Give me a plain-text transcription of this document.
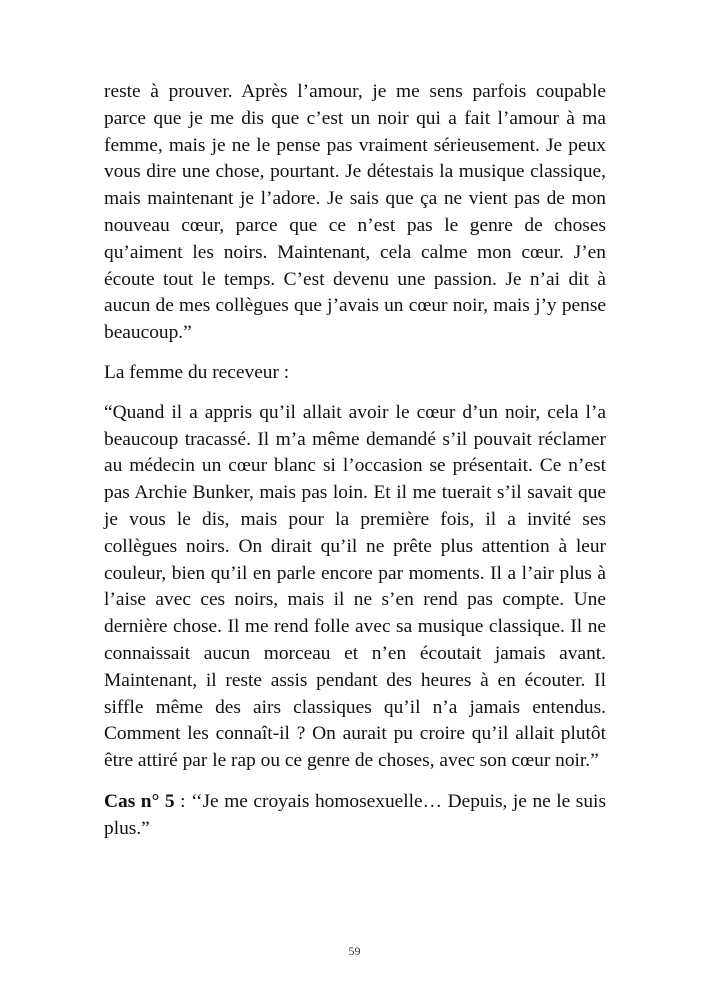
reste à prouver. Après l’amour, je me sens parfois coupable parce que je me dis que c’est un noir qui a fait l’amour à ma femme, mais je ne le pense pas vraiment sérieusement. Je peux vous dire une chose, pourtant. Je détestais la musique classique, mais maintenant je l’adore. Je sais que ça ne vient pas de mon nouveau cœur, parce que ce n’est pas le genre de choses qu’aiment les noirs. Maintenant, cela calme mon cœur. J’en écoute tout le temps. C’est devenu une passion. Je n’ai dit à aucun de mes collègues que j’avais un cœur noir, mais j’y pense beaucoup.”

La femme du receveur :

“Quand il a appris qu’il allait avoir le cœur d’un noir, cela l’a beaucoup tracassé. Il m’a même demandé s’il pouvait réclamer au médecin un cœur blanc si l’occasion se présentait. Ce n’est pas Archie Bunker, mais pas loin. Et il me tuerait s’il savait que je vous le dis, mais pour la première fois, il a invité ses collègues noirs. On dirait qu’il ne prête plus attention à leur couleur, bien qu’il en parle encore par moments. Il a l’air plus à l’aise avec ces noirs, mais il ne s’en rend pas compte. Une dernière chose. Il me rend folle avec sa musique classique. Il ne connaissait aucun morceau et n’en écoutait jamais avant. Maintenant, il reste assis pendant des heures à en écouter. Il siffle même des airs classiques qu’il n’a jamais entendus. Comment les connaît-il ? On aurait pu croire qu’il allait plutôt être attiré par le rap ou ce genre de choses, avec son cœur noir.”

Cas n° 5 : ‘‘Je me croyais homosexuelle… Depuis, je ne le suis plus.”

59
